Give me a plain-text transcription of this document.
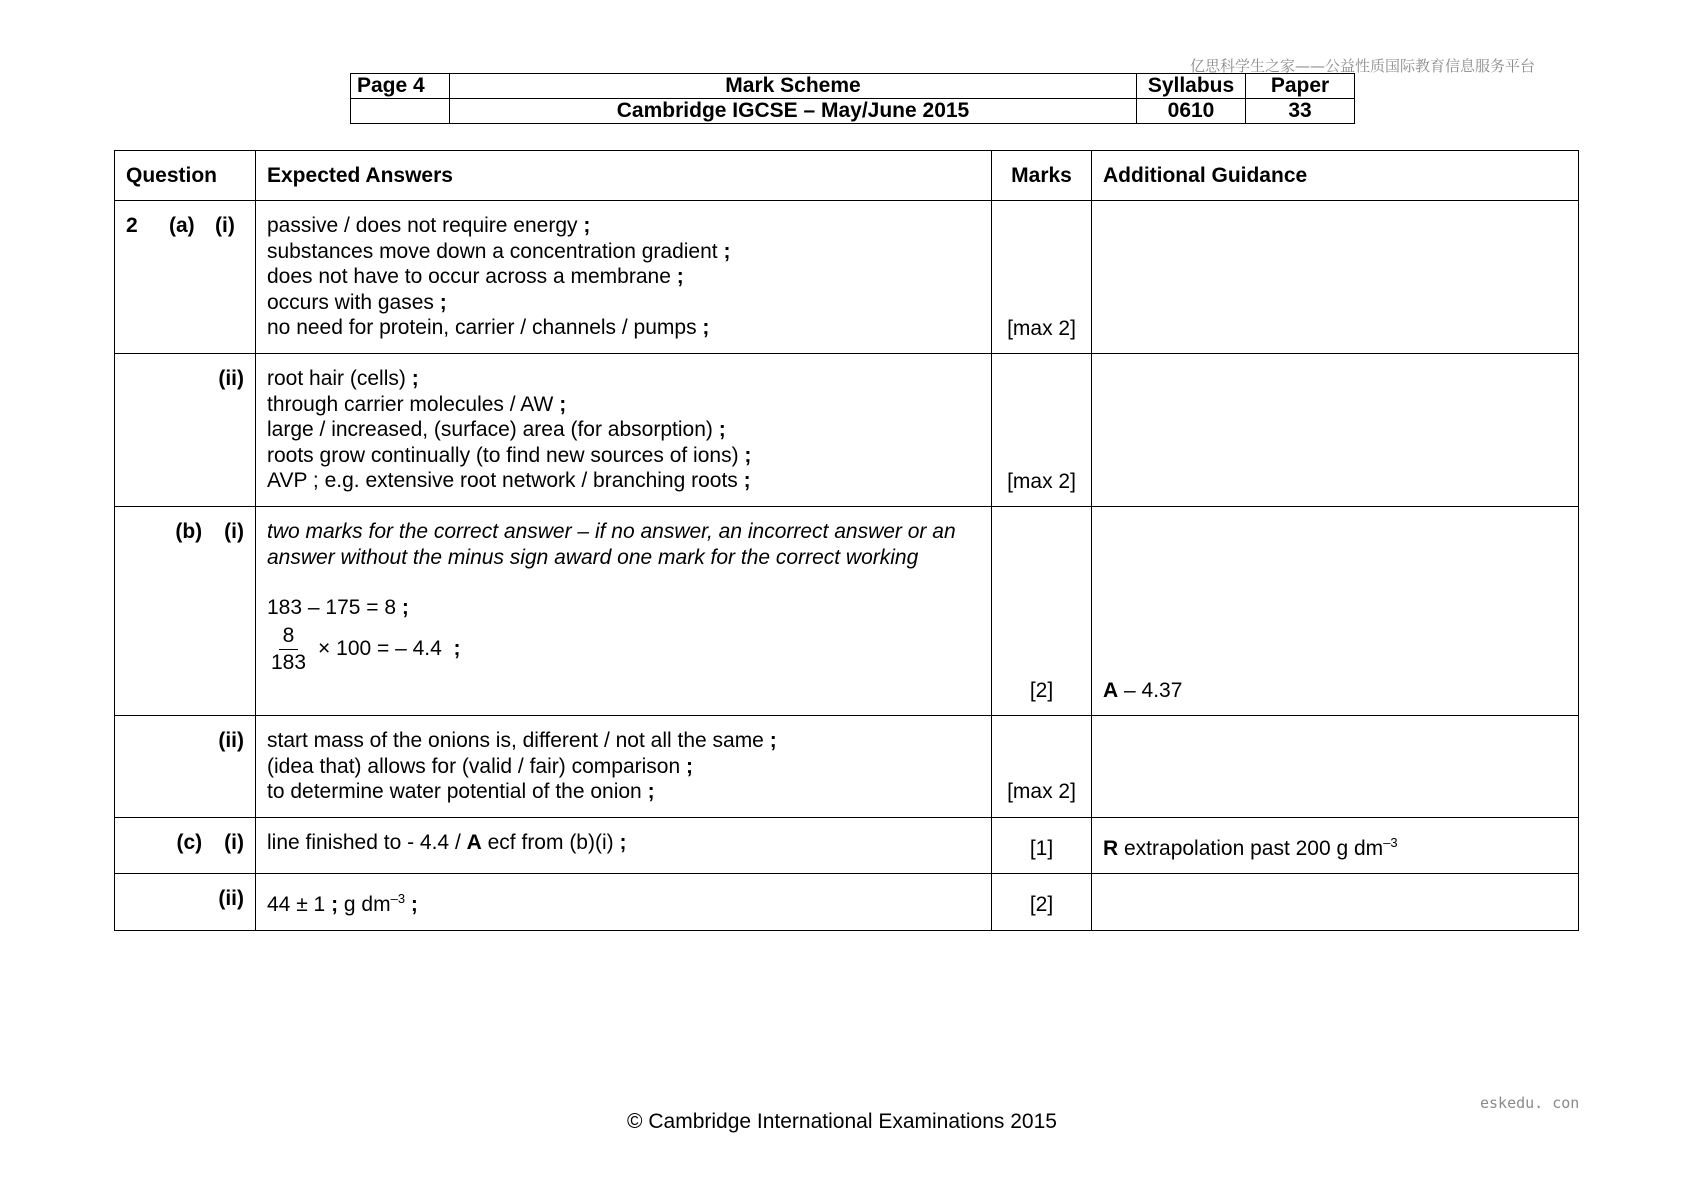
亿思科学生之家——公益性质国际教育信息服务平台
Page 4	Mark Scheme	Syllabus	Paper
	Cambridge IGCSE – May/June 2015	0610	33
Question	Expected Answers	Marks	Additional Guidance

2 (a) (i)	passive / does not require energy ;
substances move down a concentration gradient ;
does not have to occur across a membrane ;
occurs with gases ;
no need for protein, carrier / channels / pumps ;	[max 2]	

(ii)	root hair (cells) ;
through carrier molecules / AW ;
large / increased, (surface) area (for absorption) ;
roots grow continually (to find new sources of ions) ;
AVP ; e.g. extensive root network / branching roots ;	[max 2]	

(b) (i)	two marks for the correct answer – if no answer, an incorrect answer or an answer without the minus sign award one mark for the correct working
183 – 175 = 8 ;
$\frac{8}{183} \times 100$ = – 4.4 ;	[2]	A – 4.37

(ii)	start mass of the onions is, different / not all the same ;
(idea that) allows for (valid / fair) comparison ;
to determine water potential of the onion ;	[max 2]	

(c) (i)	line finished to - 4.4 / A ecf from (b)(i) ;	[1]	R extrapolation past 200 g $dm^{-3}$

(ii)	44 ± 1 ; g $dm^{-3}$ ;	[2]	
eskedu. con
© Cambridge International Examinations 2015
